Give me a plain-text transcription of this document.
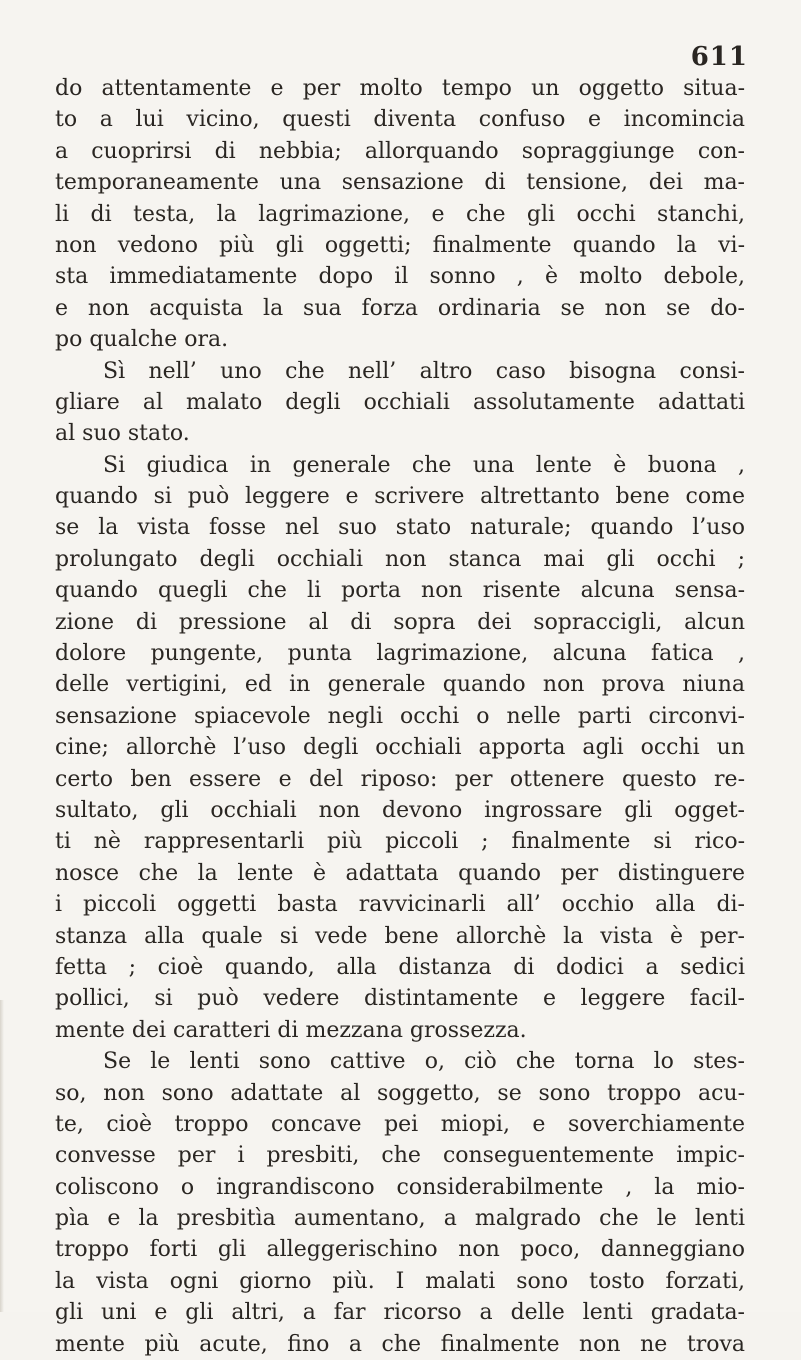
611
do attentamente e per molto tempo un oggetto situa-
to a lui vicino, questi diventa confuso e incomincia
a cuoprirsi di nebbia; allorquando sopraggiunge con-
temporaneamente una sensazione di tensione, dei ma-
li di testa, la lagrimazione, e che gli occhi stanchi,
non vedono più gli oggetti; finalmente quando la vi-
sta immediatamente dopo il sonno , è molto debole,
e non acquista la sua forza ordinaria se non se do-
po qualche ora.
Sì nell’ uno che nell’ altro caso bisogna consi-
gliare al malato degli occhiali assolutamente adattati
al suo stato.
Si giudica in generale che una lente è buona ,
quando si può leggere e scrivere altrettanto bene come
se la vista fosse nel suo stato naturale; quando l’uso
prolungato degli occhiali non stanca mai gli occhi ;
quando quegli che li porta non risente alcuna sensa-
zione di pressione al di sopra dei sopraccigli, alcun
dolore pungente, punta lagrimazione, alcuna fatica ,
delle vertigini, ed in generale quando non prova niuna
sensazione spiacevole negli occhi o nelle parti circonvi-
cine; allorchè l’uso degli occhiali apporta agli occhi un
certo ben essere e del riposo: per ottenere questo re-
sultato, gli occhiali non devono ingrossare gli ogget-
ti nè rappresentarli più piccoli ; finalmente si rico-
nosce che la lente è adattata quando per distinguere
i piccoli oggetti basta ravvicinarli all’ occhio alla di-
stanza alla quale si vede bene allorchè la vista è per-
fetta ; cioè quando, alla distanza di dodici a sedici
pollici, si può vedere distintamente e leggere facil-
mente dei caratteri di mezzana grossezza.
Se le lenti sono cattive o, ciò che torna lo stes-
so, non sono adattate al soggetto, se sono troppo acu-
te, cioè troppo concave pei miopi, e soverchiamente
convesse per i presbiti, che conseguentemente impic-
coliscono o ingrandiscono considerabilmente , la mio-
pìa e la presbitìa aumentano, a malgrado che le lenti
troppo forti gli alleggerischino non poco, danneggiano
la vista ogni giorno più. I malati sono tosto forzati,
gli uni e gli altri, a far ricorso a delle lenti gradata-
mente più acute, fino a che finalmente non ne trova
